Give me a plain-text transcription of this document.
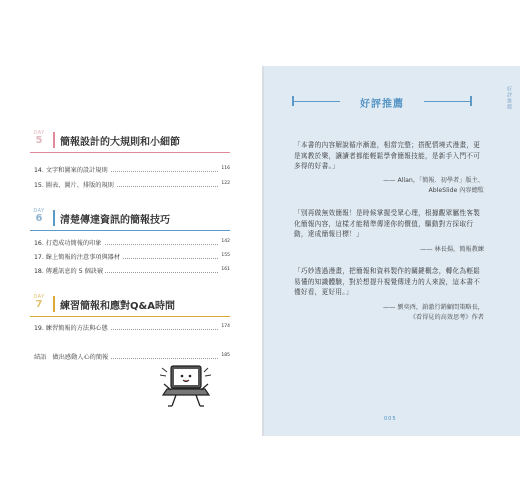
DAY
5	簡報設計的大規則和小細節
14. 文字和圖案的設計規則	116
15. 圖表、圖片、排版的規則	122
DAY
6	清楚傳達資訊的簡報技巧
16. 打造成功簡報的印象	142
17. 線上簡報的注意事項與器材	155
18. 傳遞訊息的 5 個訣竅	161
DAY
7	練習簡報和應對Q&A時間
19. 練習簡報的方法與心態	174
結語　做出感動人心的簡報	185
好評推薦
好評推薦
「本書的內容解說循序漸進，相當完整；搭配情境式漫畫，更是寓教於樂，讓讀者都能輕鬆學會簡報技能，是新手入門不可多得的好書。」
—— Allan，「簡報．初學者」版主、
AbleSlide 內容總監
「別再做無效簡報！是時候掌握受眾心理，根據觀眾屬性客製化簡報內容，這樣才能精準傳達你的價值，驅動對方採取行動，達成簡報目標！」
—— 林長揚，簡報教練
「巧妙透過漫畫，把簡報和資料製作的關鍵概念，轉化為輕鬆易懂的知識體驗，對於想提升視覺傳達力的人來說，這本書不僅好看，更好用。」
—— 劉奕酉，鉑澈行銷顧問策略長，
《看得見的高效思考》作者
005
